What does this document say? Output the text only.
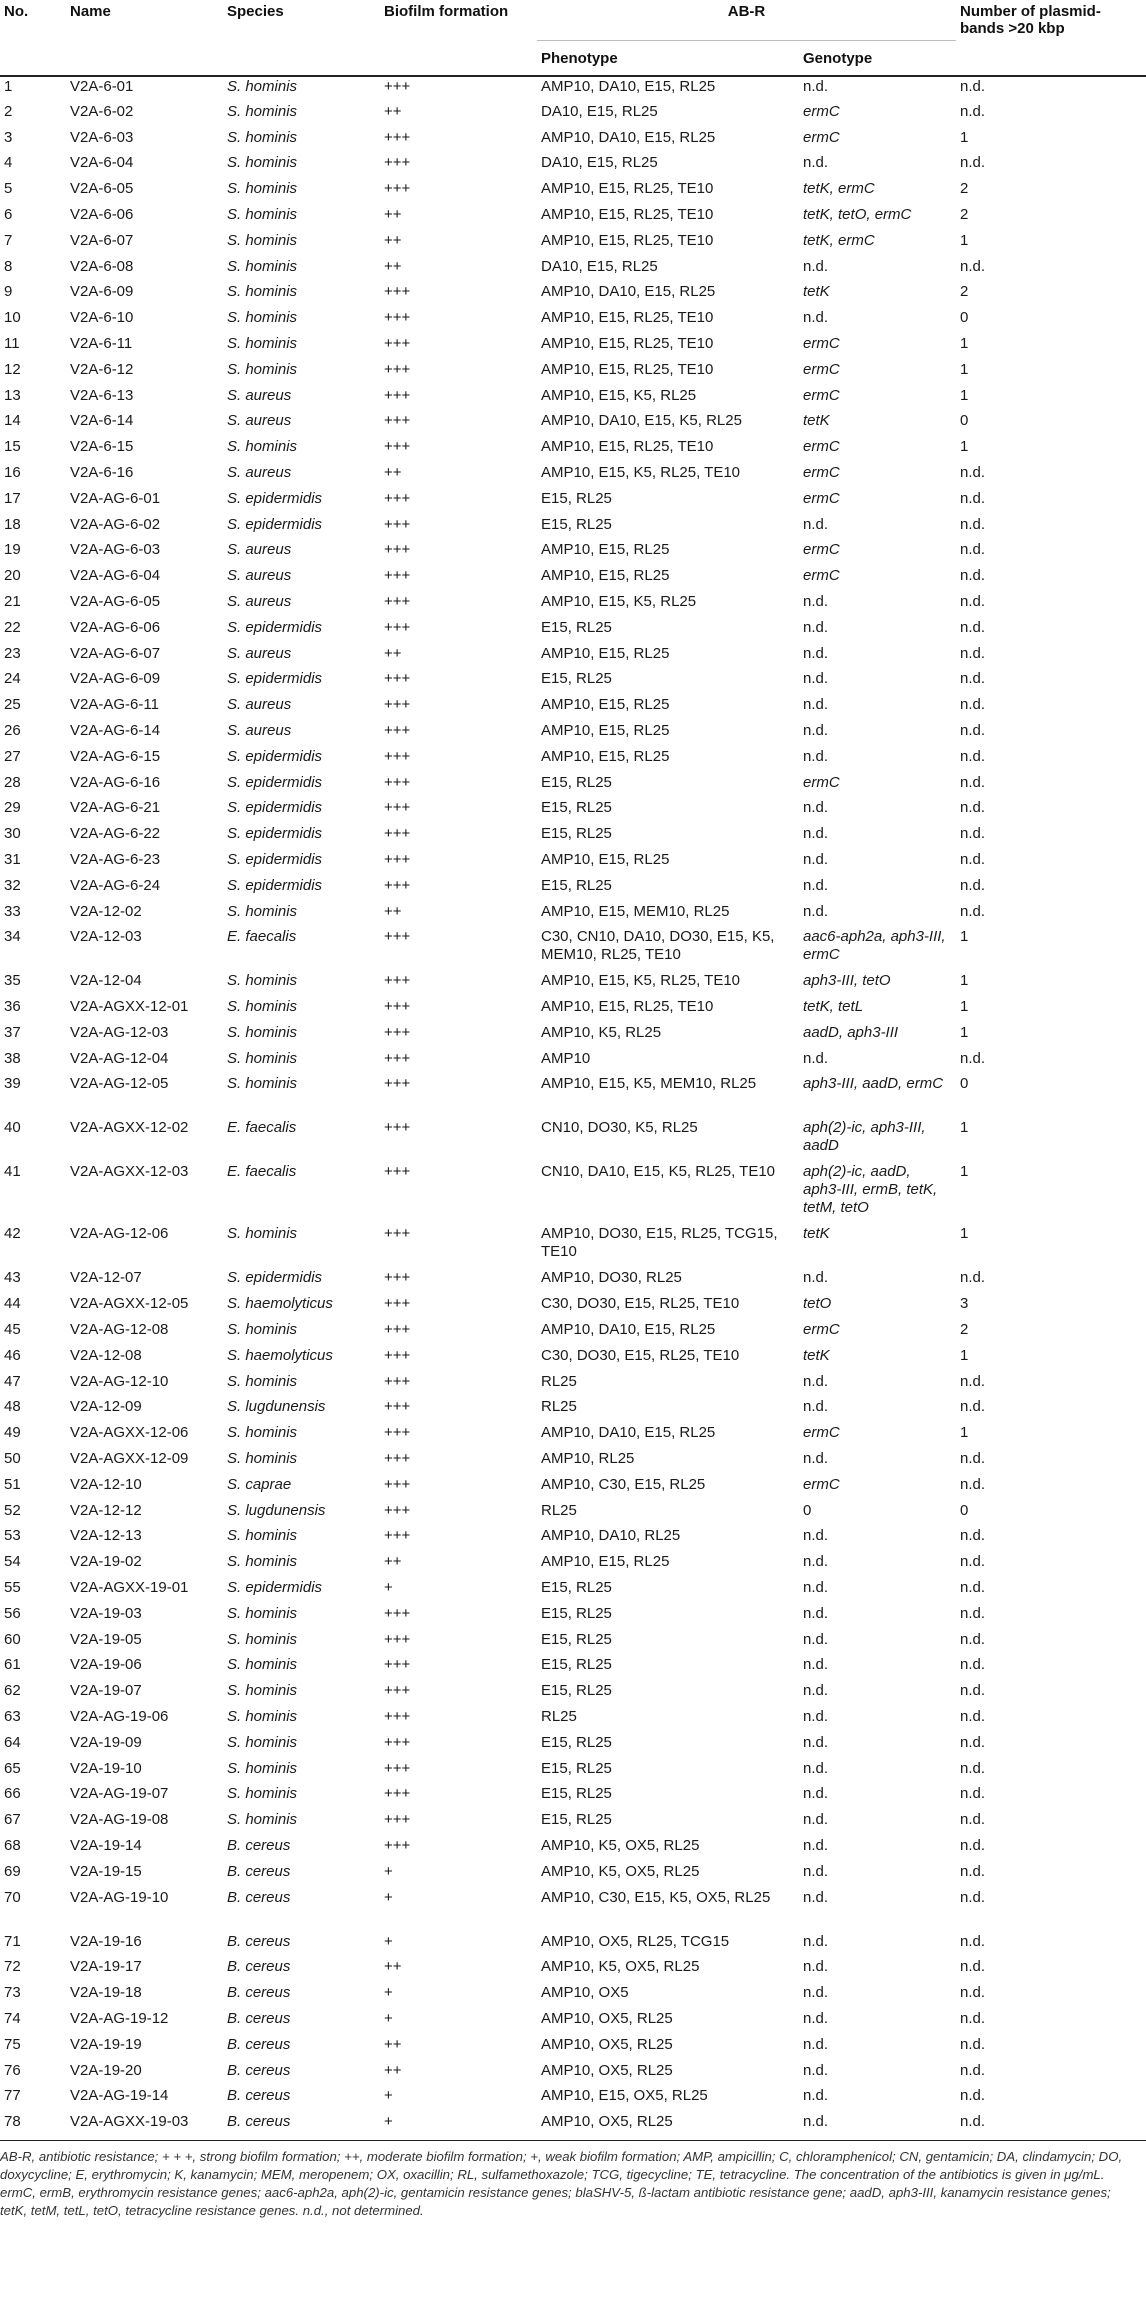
No.	Name	Species	Biofilm formation	AB-R		Number of plasmid-bands >20 kbp
				Phenotype	Genotype	
1	V2A-6-01	S. hominis	+++	AMP10, DA10, E15, RL25	n.d.	n.d.
2	V2A-6-02	S. hominis	++	DA10, E15, RL25	ermC	n.d.
3	V2A-6-03	S. hominis	+++	AMP10, DA10, E15, RL25	ermC	1
4	V2A-6-04	S. hominis	+++	DA10, E15, RL25	n.d.	n.d.
5	V2A-6-05	S. hominis	+++	AMP10, E15, RL25, TE10	tetK, ermC	2
6	V2A-6-06	S. hominis	++	AMP10, E15, RL25, TE10	tetK, tetO, ermC	2
7	V2A-6-07	S. hominis	++	AMP10, E15, RL25, TE10	tetK, ermC	1
8	V2A-6-08	S. hominis	++	DA10, E15, RL25	n.d.	n.d.
9	V2A-6-09	S. hominis	+++	AMP10, DA10, E15, RL25	tetK	2
10	V2A-6-10	S. hominis	+++	AMP10, E15, RL25, TE10	n.d.	0
11	V2A-6-11	S. hominis	+++	AMP10, E15, RL25, TE10	ermC	1
12	V2A-6-12	S. hominis	+++	AMP10, E15, RL25, TE10	ermC	1
13	V2A-6-13	S. aureus	+++	AMP10, E15, K5, RL25	ermC	1
14	V2A-6-14	S. aureus	+++	AMP10, DA10, E15, K5, RL25	tetK	0
15	V2A-6-15	S. hominis	+++	AMP10, E15, RL25, TE10	ermC	1
16	V2A-6-16	S. aureus	++	AMP10, E15, K5, RL25, TE10	ermC	n.d.
17	V2A-AG-6-01	S. epidermidis	+++	E15, RL25	ermC	n.d.
18	V2A-AG-6-02	S. epidermidis	+++	E15, RL25	n.d.	n.d.
19	V2A-AG-6-03	S. aureus	+++	AMP10, E15, RL25	ermC	n.d.
20	V2A-AG-6-04	S. aureus	+++	AMP10, E15, RL25	ermC	n.d.
21	V2A-AG-6-05	S. aureus	+++	AMP10, E15, K5, RL25	n.d.	n.d.
22	V2A-AG-6-06	S. epidermidis	+++	E15, RL25	n.d.	n.d.
23	V2A-AG-6-07	S. aureus	++	AMP10, E15, RL25	n.d.	n.d.
24	V2A-AG-6-09	S. epidermidis	+++	E15, RL25	n.d.	n.d.
25	V2A-AG-6-11	S. aureus	+++	AMP10, E15, RL25	n.d.	n.d.
26	V2A-AG-6-14	S. aureus	+++	AMP10, E15, RL25	n.d.	n.d.
27	V2A-AG-6-15	S. epidermidis	+++	AMP10, E15, RL25	n.d.	n.d.
28	V2A-AG-6-16	S. epidermidis	+++	E15, RL25	ermC	n.d.
29	V2A-AG-6-21	S. epidermidis	+++	E15, RL25	n.d.	n.d.
30	V2A-AG-6-22	S. epidermidis	+++	E15, RL25	n.d.	n.d.
31	V2A-AG-6-23	S. epidermidis	+++	AMP10, E15, RL25	n.d.	n.d.
32	V2A-AG-6-24	S. epidermidis	+++	E15, RL25	n.d.	n.d.
33	V2A-12-02	S. hominis	++	AMP10, E15, MEM10, RL25	n.d.	n.d.
34	V2A-12-03	E. faecalis	+++	C30, CN10, DA10, DO30, E15, K5, MEM10, RL25, TE10	aac6-aph2a, aph3-III, ermC	1
35	V2A-12-04	S. hominis	+++	AMP10, E15, K5, RL25, TE10	aph3-III, tetO	1
36	V2A-AGXX-12-01	S. hominis	+++	AMP10, E15, RL25, TE10	tetK, tetL	1
37	V2A-AG-12-03	S. hominis	+++	AMP10, K5, RL25	aadD, aph3-III	1
38	V2A-AG-12-04	S. hominis	+++	AMP10	n.d.	n.d.
39	V2A-AG-12-05	S. hominis	+++	AMP10, E15, K5, MEM10, RL25	aph3-III, aadD, ermC	0
40	V2A-AGXX-12-02	E. faecalis	+++	CN10, DO30, K5, RL25	aph(2)-ic, aph3-III, aadD	1
41	V2A-AGXX-12-03	E. faecalis	+++	CN10, DA10, E15, K5, RL25, TE10	aph(2)-ic, aadD, aph3-III, ermB, tetK, tetM, tetO	1
42	V2A-AG-12-06	S. hominis	+++	AMP10, DO30, E15, RL25, TCG15, TE10	tetK	1
43	V2A-12-07	S. epidermidis	+++	AMP10, DO30, RL25	n.d.	n.d.
44	V2A-AGXX-12-05	S. haemolyticus	+++	C30, DO30, E15, RL25, TE10	tetO	3
45	V2A-AG-12-08	S. hominis	+++	AMP10, DA10, E15, RL25	ermC	2
46	V2A-12-08	S. haemolyticus	+++	C30, DO30, E15, RL25, TE10	tetK	1
47	V2A-AG-12-10	S. hominis	+++	RL25	n.d.	n.d.
48	V2A-12-09	S. lugdunensis	+++	RL25	n.d.	n.d.
49	V2A-AGXX-12-06	S. hominis	+++	AMP10, DA10, E15, RL25	ermC	1
50	V2A-AGXX-12-09	S. hominis	+++	AMP10, RL25	n.d.	n.d.
51	V2A-12-10	S. caprae	+++	AMP10, C30, E15, RL25	ermC	n.d.
52	V2A-12-12	S. lugdunensis	+++	RL25	0	0
53	V2A-12-13	S. hominis	+++	AMP10, DA10, RL25	n.d.	n.d.
54	V2A-19-02	S. hominis	++	AMP10, E15, RL25	n.d.	n.d.
55	V2A-AGXX-19-01	S. epidermidis	+	E15, RL25	n.d.	n.d.
56	V2A-19-03	S. hominis	+++	E15, RL25	n.d.	n.d.
60	V2A-19-05	S. hominis	+++	E15, RL25	n.d.	n.d.
61	V2A-19-06	S. hominis	+++	E15, RL25	n.d.	n.d.
62	V2A-19-07	S. hominis	+++	E15, RL25	n.d.	n.d.
63	V2A-AG-19-06	S. hominis	+++	RL25	n.d.	n.d.
64	V2A-19-09	S. hominis	+++	E15, RL25	n.d.	n.d.
65	V2A-19-10	S. hominis	+++	E15, RL25	n.d.	n.d.
66	V2A-AG-19-07	S. hominis	+++	E15, RL25	n.d.	n.d.
67	V2A-AG-19-08	S. hominis	+++	E15, RL25	n.d.	n.d.
68	V2A-19-14	B. cereus	+++	AMP10, K5, OX5, RL25	n.d.	n.d.
69	V2A-19-15	B. cereus	+	AMP10, K5, OX5, RL25	n.d.	n.d.
70	V2A-AG-19-10	B. cereus	+	AMP10, C30, E15, K5, OX5, RL25	n.d.	n.d.
71	V2A-19-16	B. cereus	+	AMP10, OX5, RL25, TCG15	n.d.	n.d.
72	V2A-19-17	B. cereus	++	AMP10, K5, OX5, RL25	n.d.	n.d.
73	V2A-19-18	B. cereus	+	AMP10, OX5	n.d.	n.d.
74	V2A-AG-19-12	B. cereus	+	AMP10, OX5, RL25	n.d.	n.d.
75	V2A-19-19	B. cereus	++	AMP10, OX5, RL25	n.d.	n.d.
76	V2A-19-20	B. cereus	++	AMP10, OX5, RL25	n.d.	n.d.
77	V2A-AG-19-14	B. cereus	+	AMP10, E15, OX5, RL25	n.d.	n.d.
78	V2A-AGXX-19-03	B. cereus	+	AMP10, OX5, RL25	n.d.	n.d.
AB-R, antibiotic resistance; + + +, strong biofilm formation; ++, moderate biofilm formation; +, weak biofilm formation; AMP, ampicillin; C, chloramphenicol; CN, gentamicin; DA, clindamycin; DO, doxycycline; E, erythromycin; K, kanamycin; MEM, meropenem; OX, oxacillin; RL, sulfamethoxazole; TCG, tigecycline; TE, tetracycline. The concentration of the antibiotics is given in μg/mL. ermC, ermB, erythromycin resistance genes; aac6-aph2a, aph(2)-ic, gentamicin resistance genes; blaSHV-5, ß-lactam antibiotic resistance gene; aadD, aph3-III, kanamycin resistance genes; tetK, tetM, tetL, tetO, tetracycline resistance genes. n.d., not determined.
